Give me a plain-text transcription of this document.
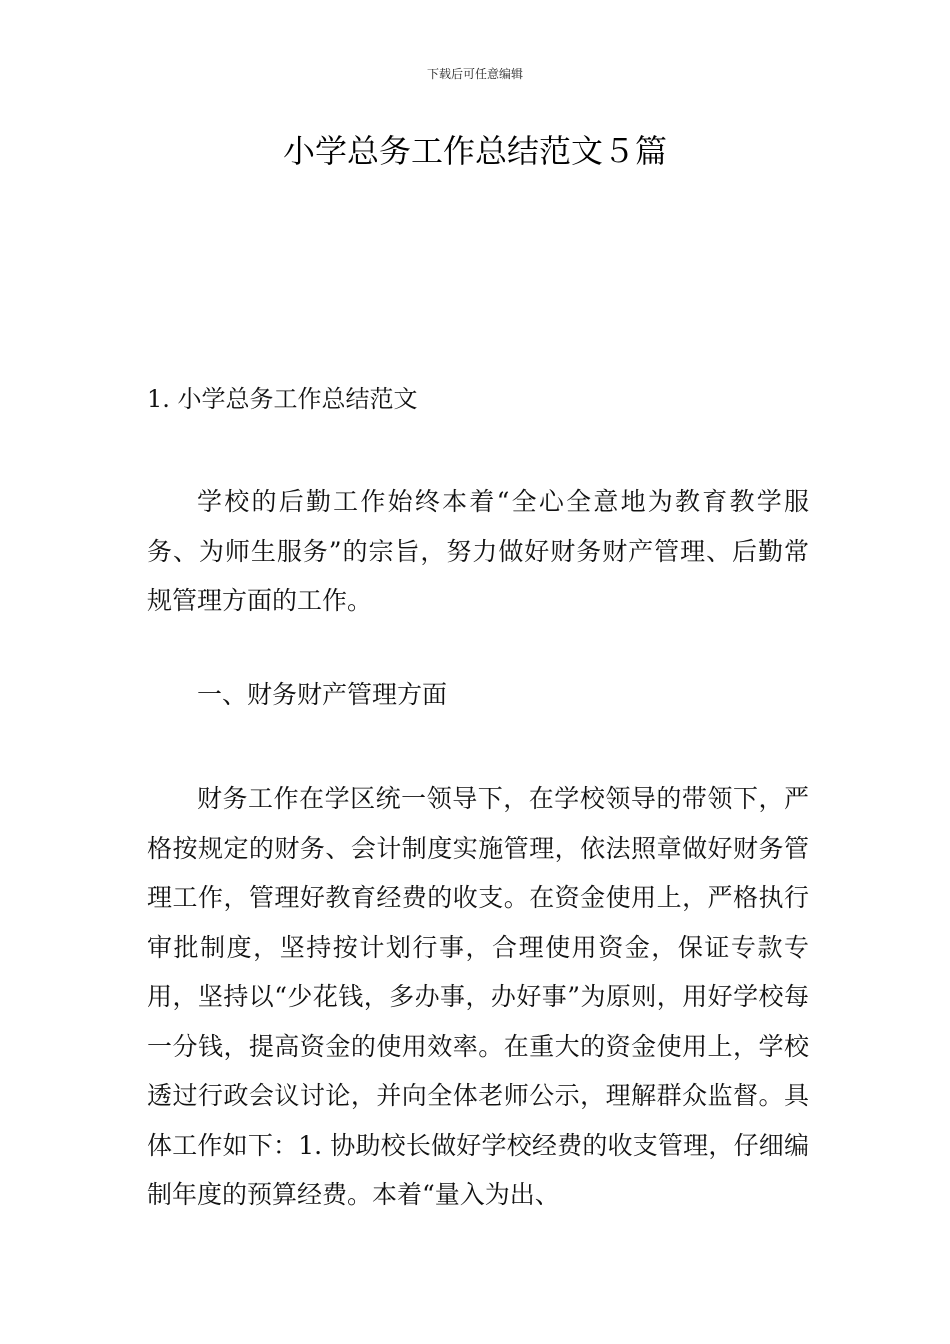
下载后可任意编辑
小学总务工作总结范文５篇
1. 小学总务工作总结范文

学校的后勤工作始终本着“全心全意地为教育教学服务、为师生服务”的宗旨，努力做好财务财产管理、后勤常规管理方面的工作。

一、财务财产管理方面

财务工作在学区统一领导下，在学校领导的带领下，严格按规定的财务、会计制度实施管理，依法照章做好财务管理工作，管理好教育经费的收支。在资金使用上，严格执行审批制度，坚持按计划行事，合理使用资金，保证专款专用，坚持以“少花钱，多办事，办好事”为原则，用好学校每一分钱，提高资金的使用效率。在重大的资金使用上，学校透过行政会议讨论，并向全体老师公示，理解群众监督。具体工作如下：1. 协助校长做好学校经费的收支管理，仔细编制年度的预算经费。本着“量入为出、
